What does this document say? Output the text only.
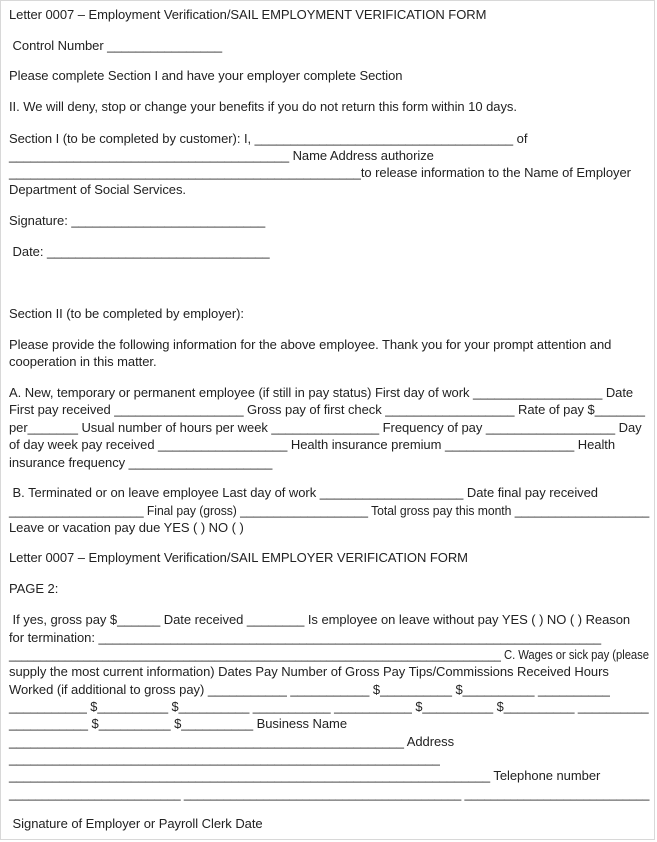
Letter 0007 – Employment Verification/SAIL EMPLOYMENT VERIFICATION FORM
Control Number ________________
Please complete Section I and have your employer complete Section
II. We will deny, stop or change your benefits if you do not return this form within 10 days.
Section I (to be completed by customer): I, ____________________________________ of
_______________________________________ Name Address authorize
_________________________________________________to release information to the Name of Employer
Department of Social Services.
Signature: ___________________________
Date: _______________________________
Section II (to be completed by employer):
Please provide the following information for the above employee. Thank you for your prompt attention and
cooperation in this matter.
A. New, temporary or permanent employee (if still in pay status) First day of work __________________ Date
First pay received __________________ Gross pay of first check __________________ Rate of pay $_______
per_______ Usual number of hours per week _______________ Frequency of pay __________________ Day
of day week pay received __________________ Health insurance premium __________________ Health
insurance frequency ____________________
B. Terminated or on leave employee Last day of work ____________________ Date final pay received
____________________ Final pay (gross) ___________________ Total gross pay this month ____________________
Leave or vacation pay due YES ( ) NO ( )
Letter 0007 – Employment Verification/SAIL EMPLOYER VERIFICATION FORM
PAGE 2:
If yes, gross pay $______ Date received ________ Is employee on leave without pay YES ( ) NO ( ) Reason
for termination: ______________________________________________________________________
_______________________________________________________________________________ C. Wages or sick pay (please
supply the most current information) Dates Pay Number of Gross Pay Tips/Commissions Received Hours
Worked (if additional to gross pay) ___________ ___________ $__________ $__________ __________
___________ $__________ $__________ ___________ ___________ $__________ $__________ __________
___________ $__________ $__________ Business Name
_______________________________________________________ Address
____________________________________________________________
___________________________________________________________________ Telephone number
__________________________ __________________________________________ ____________________________
Signature of Employer or Payroll Clerk Date
